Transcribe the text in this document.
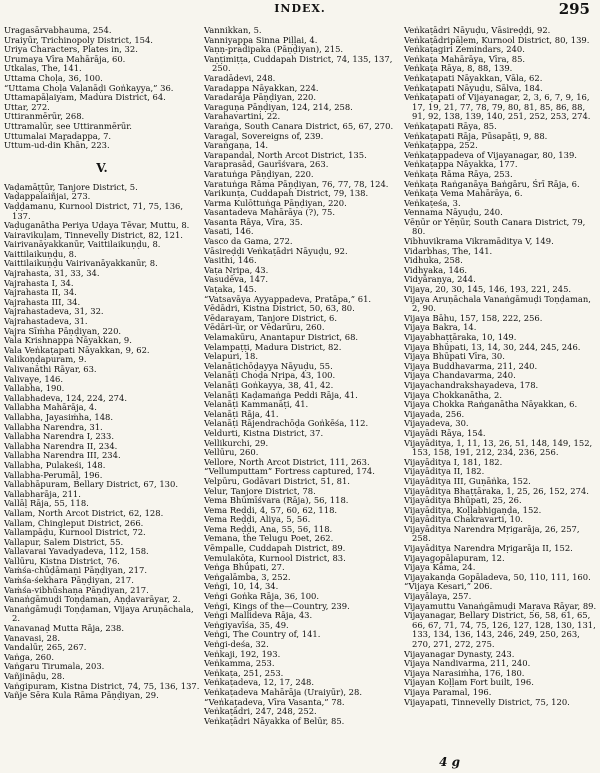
INDEX.	295

Uragasārvabhauma, 254.

Uraiyūr, Trichinopoly District, 154.

Uriya Characters, Plates in, 32.

Urumaya Vīra Mahārāja, 60.

Utkalas, The, 141.

Uttama Choḷa, 36, 100.

“Uttama Choḷa Vaḷanāḍi Goṅkayya,” 36.

Uttamapāḷaiyam, Madura District, 64.

Uttar, 272.

Uttiranmērūr, 268.

Uttramalūr, see Uttiranmērūr.

Uttumalai Maṟadappa, 7.

Uttum-ud-din Khān, 223.

V.

Vaḍamāṭṭūr, Tanjore District, 5.

Vaḍappalaiñjai, 273.

Vaḍḍamanu, Kurnool District, 71, 75, 136, 137.

Vaḍuganātha Periya Uḍaya Tēvar, Muttu, 8.

Vairavikuḷam, Tinnevelly District, 82, 121.

Vairivanāyakkanūr, Vaittilaikuṇḍu, 8.

Vaittilaikuṇḍu, 8.

Vaittilaikuṇḍu Vairivanāyakkanūr, 8.

Vajrahasta, 31, 33, 34.

Vajrahasta I, 34.

Vajrahasta II, 34.

Vajrahasta III, 34.

Vajrahastadeva, 31, 32.

Vajrahastadeva, 31.

Vajra Sīṁha Pāṇḍiyan, 220.

Vala Krishnappa Nāyakkan, 9.

Vala Veṅkaṭapati Nāyakkan, 9, 62.

Valikoṇḍapuram, 9.

Valivanāthi Rāyar, 63.

Valivaye, 146.

Vallabha, 190.

Vallabhadeva, 124, 224, 274.

Vallabha Mahārāja, 4.

Vallabha, Jayasiṁha, 148.

Vallabha Narendra, 31.

Vallabha Narendra I, 233.

Vallabha Narendra II, 234.

Vallabha Narendra III, 234.

Vallabha, Pulakeśi, 148.

Vallabha-Perumāḷ, 196.

Vallabhāpuram, Bellary District, 67, 130.

Vallabharāja, 211.

Vallāḷ Rāja, 55, 118.

Vallam, North Arcot District, 62, 128.

Vallam, Chingleput District, 266.

Vallampāḍu, Kurnool District, 72.

Vallapur, Salem District, 55.

Vallavarai Yavadyadeva, 112, 158.

Vallūru, Kistna District, 76.

Vaṁśa-chūḍāmaṇi Pāṇḍiyan, 217.

Vaṁśa-śekhara Pāṇḍiyan, 217.

Vaṁśa-vibhūshaṇa Pāṇḍiyan, 217.

Vanaṅgāmuḍi Toṇḍaman, Aṇḍavarāyar, 2.

Vanaṅgāmuḍi Toṇḍaman, Vijaya Aruṇāchala, 2.

Vanavanaḍ Mutta Rāja, 238.

Vanavasi, 28.

Vandalūr, 265, 267.

Vaṅga, 260.

Vaṅgaru Tirumala, 203.

Vañjināḍu, 28.

Vaṅgipuram, Kistna District, 74, 75, 136, 137.

Vañje Sēra Kula Rāma Pāṇḍiyan, 29.

Vannikkan, 5.

Vanniyappa Sinna Piḷḷai, 4.

Vaṇṇ-pradipaka (Pāṇḍiyan), 215.

Vaṇṭimiṭṭa, Cuddapah District, 74, 135, 137, 250.

Varadādevi, 248.

Varadappa Nāyakkan, 224.

Varadarāja Pāṇḍiyan, 220.

Varaguṇa Pāṇḍiyan, 124, 214, 258.

Varahavartini, 22.

Varaṅga, South Canara District, 65, 67, 270.

Varagal, Sovereigns of, 239.

Varaṅgaṇa, 14.

Varapandal, North Arcot District, 135.

Varaprasād, Gaurīśvara, 263.

Varatuṅga Pāṇḍiyan, 220.

Varatuṅga Rāma Pāṇḍiyan, 76, 77, 78, 124.

Varikunṭa, Cuddapah District, 79, 138.

Varma Kulōttuṅga Pāṇḍiyan, 220.

Vasantadeva Mahārāya (?), 75.

Vasanta Rāya, Vīra, 35.

Vasati, 146.

Vasco da Gama, 272.

Vāsireḍḍi Veṅkaṭādri Nāyuḍu, 92.

Vasithi, 146.

Vaṭa Nṛipa, 43.

Vasudēva, 147.

Vaṭaka, 145.

“Vatsavāya Ayyappadeva, Pratāpa,” 61.

Vēdādri, Kistna District, 50, 63, 80.

Vēdarayam, Tanjore District, 6.

Vēdāri-ūr, or Vēdarūru, 260.

Velamakūru, Anantapur District, 68.

Velampaṭṭi, Madura District, 82.

Velapuri, 18.

Velanāṭichōḍayya Nāyuḍu, 55.

Velanāṭi Choḍa Nṛipa, 43, 100.

Velanāṭi Goṅkayya, 38, 41, 42.

Velanāṭi Kaḍamaṅga Peddi Rāja, 41.

Velanāṭi Kammanāṭi, 41.

Velanāṭi Rāja, 41.

Velanāṭi Rājendrachōḍa Goṅkēśa, 112.

Veldurti, Kistna District, 37.

Vellikurchi, 29.

Vellūru, 260.

Vellore, North Arcot District, 111, 263.

“Vellumputtam” Fortress captured, 174.

Velpūru, Godāvari District, 51, 81.

Velur, Tanjore District, 78.

Vema Bhūmīśvara (Rāja), 56, 118.

Vema Reḍḍi, 4, 57, 60, 62, 118.

Vema Reḍḍi, Aliya, 5, 56.

Vema Reḍḍi, Ana, 55, 56, 118.

Vemana, the Telugu Poet, 262.

Vēmpalle, Cuddapah District, 89.

Vemulakōṭa, Kurnool District, 83.

Veṅga Bhūpati, 27.

Veṅgalāmba, 3, 252.

Veṅgi, 10, 14, 34.

Veṅgi Goṅka Rāja, 36, 100.

Veṅgi, Kings of the—Country, 239.

Veṅgi Mallideva Rāja, 43.

Veṅgiyavīśa, 35, 49.

Veṅgi, The Country of, 141.

Veṅgi-deśa, 32.

Veṅkaji, 192, 193.

Veṅkamma, 253.

Veṅkaṭa, 251, 253.

Veṅkaṭadeva, 12, 17, 248.

Veṅkaṭadeva Mahārāja (Uraiyūr), 28.

“Veṅkaṭadeva, Vīra Vasanta,” 78.

Veṅkaṭādri, 247, 248, 252.

Veṅkaṭādri Nāyakka of Belūr, 85.

Veṅkaṭādri Nāyuḍu, Vāsireḍḍi, 92.

Veṅkaṭādripāḷem, Kurnool District, 80, 139.

Veṅkaṭagiri Zemindars, 240.

Veṅkaṭa Mahārāya, Vīra, 85.

Veṅkaṭa Rāya, 8, 88, 139.

Veṅkaṭapati Nāyakkan, Vāla, 62.

Veṅkaṭapati Nāyuḍu, Sālva, 184.

Veṅkaṭapati of Vijayanagar, 2, 3, 6, 7, 9, 16, 17, 19, 21, 77, 78, 79, 80, 81, 85, 86, 88, 91, 92, 138, 139, 140, 251, 252, 253, 274.

Veṅkaṭapati Rāya, 85.

Veṅkaṭapati Rāja, Pūsapāṭi, 9, 88.

Veṅkaṭappa, 252.

Veṅkaṭappadeva of Vijayanagar, 80, 139.

Veṅkaṭappa Nāyakka, 177.

Veṅkaṭa Rāma Rāya, 253.

Veṅkaṭa Raṅganāya Baṅgāru, Śrī Rāja, 6.

Veṅkaṭa Vema Mahārāya, 6.

Veṅkaṭeśa, 3.

Vennama Nāyuḍu, 240.

Vēṇūr or Yēṇūr, South Canara District, 79, 80.

Vibhuvikrama Vikramāditya V, 149.

Vidarbhas, The, 141.

Vidhuka, 258.

Vidhyaka, 146.

Vidyāraṇya, 244.

Vijaya, 20, 30, 145, 146, 193, 221, 245.

Vijaya Aruṇāchala Vanaṅgāmuḍi Toṇḍaman, 2, 90.

Vijaya Bāhu, 157, 158, 222, 256.

Vijaya Bakra, 14.

Vijayabhaṭṭāraka, 10, 149.

Vijaya Bhūpati, 13, 14, 30, 244, 245, 246.

Vijaya Bhūpati Vīra, 30.

Vijaya Buddhavarma, 211, 240.

Vijaya Chandavarma, 240.

Vijayachandrakshayadeva, 178.

Vijaya Chokkanātha, 2.

Vijaya Chokka Raṅganātha Nāyakkan, 6.

Vijayada, 256.

Vijayadeva, 30.

Vijayādi Rāya, 154.

Vijayāditya, 1, 11, 13, 26, 51, 148, 149, 152, 153, 158, 191, 212, 234, 236, 256.

Vijayāditya I, 181, 182.

Vijayāditya II, 182.

Vijayāditya III, Guṇāṅka, 152.

Vijayāditya Bhaṭṭāraka, 1, 25, 26, 152, 274.

Vijayāditya Bhūpati, 25, 26.

Vijayāditya, Koḷḷabhigaṇḍa, 152.

Vijayāditya Chakravarti, 10.

Vijayāditya Narendra Mṛigarāja, 26, 257, 258.

Vijayāditya Narendra Mṛigarāja II, 152.

Vijayagopālapuram, 12.

Vijaya Kāma, 24.

Vijayakanḍa Gopāladeva, 50, 110, 111, 160.

“Vijaya Kesari,” 206.

Vijayālaya, 257.

Vijayamuttu Vanaṅgāmuḍi Maṛava Rāyar, 89.

Vijayanagar, Bellary District, 56, 58, 61, 65, 66, 67, 71, 74, 75, 126, 127, 128, 130, 131, 133, 134, 136, 143, 246, 249, 250, 263, 270, 271, 272, 275.

Vijayanagar Dynasty, 243.

Vijaya Nandivarma, 211, 240.

Vijaya Narasiṁha, 176, 180.

Vijayan Koḷḷam Fort built, 196.

Vijaya Paramal, 196.

Vijayapati, Tinnevelly District, 75, 120.

4 g
